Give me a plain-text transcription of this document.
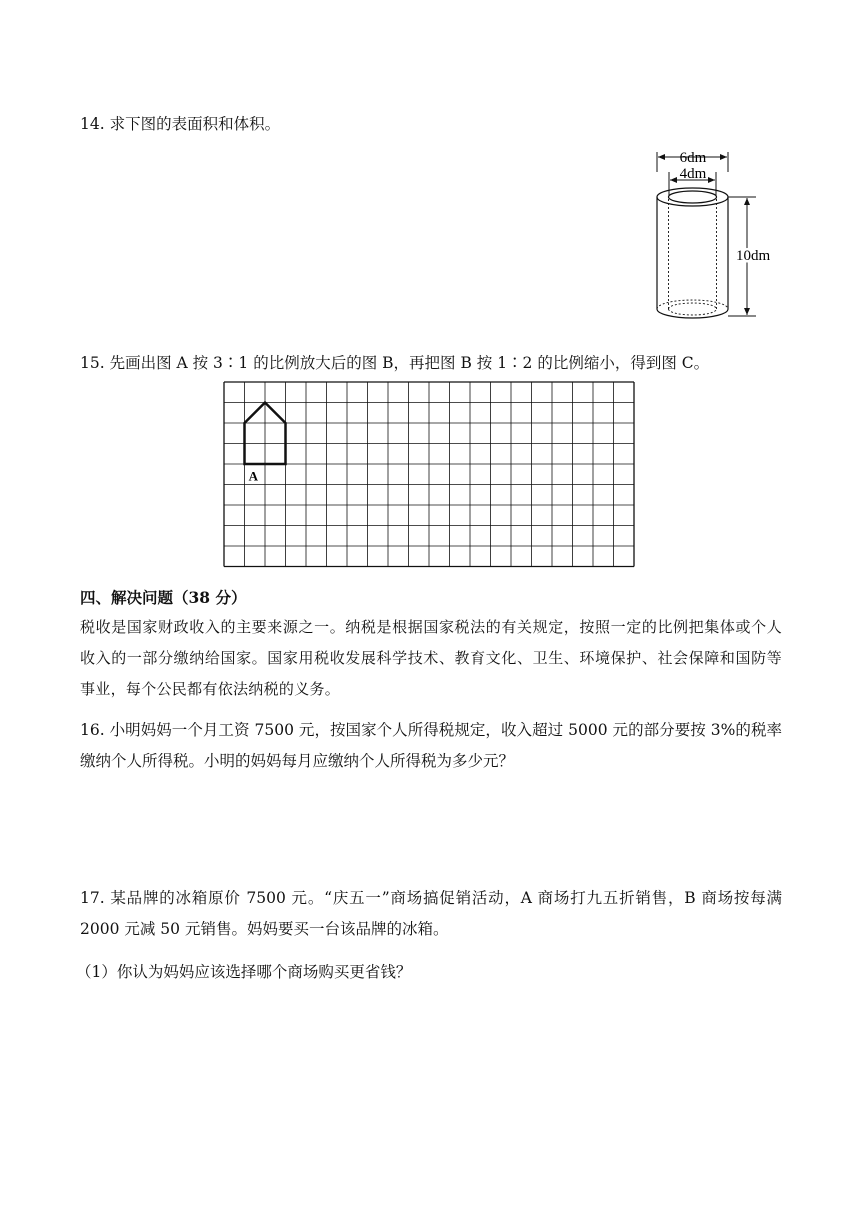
14. 求下图的表面积和体积。
6dm
4dm
10dm
15. 先画出图 A 按 3∶1 的比例放大后的图 B，再把图 B 按 1∶2 的比例缩小，得到图 C。
A
四、解决问题（38 分）
税收是国家财政收入的主要来源之一。纳税是根据国家税法的有关规定，按照一定的比例把集体或个人收入的一部分缴纳给国家。国家用税收发展科学技术、教育文化、卫生、环境保护、社会保障和国防等事业，每个公民都有依法纳税的义务。
16. 小明妈妈一个月工资 7500 元，按国家个人所得税规定，收入超过 5000 元的部分要按 3%的税率缴纳个人所得税。小明的妈妈每月应缴纳个人所得税为多少元？
17. 某品牌的冰箱原价 7500 元。“庆五一”商场搞促销活动，A 商场打九五折销售，B 商场按每满 2000 元减 50 元销售。妈妈要买一台该品牌的冰箱。
（1）你认为妈妈应该选择哪个商场购买更省钱？
